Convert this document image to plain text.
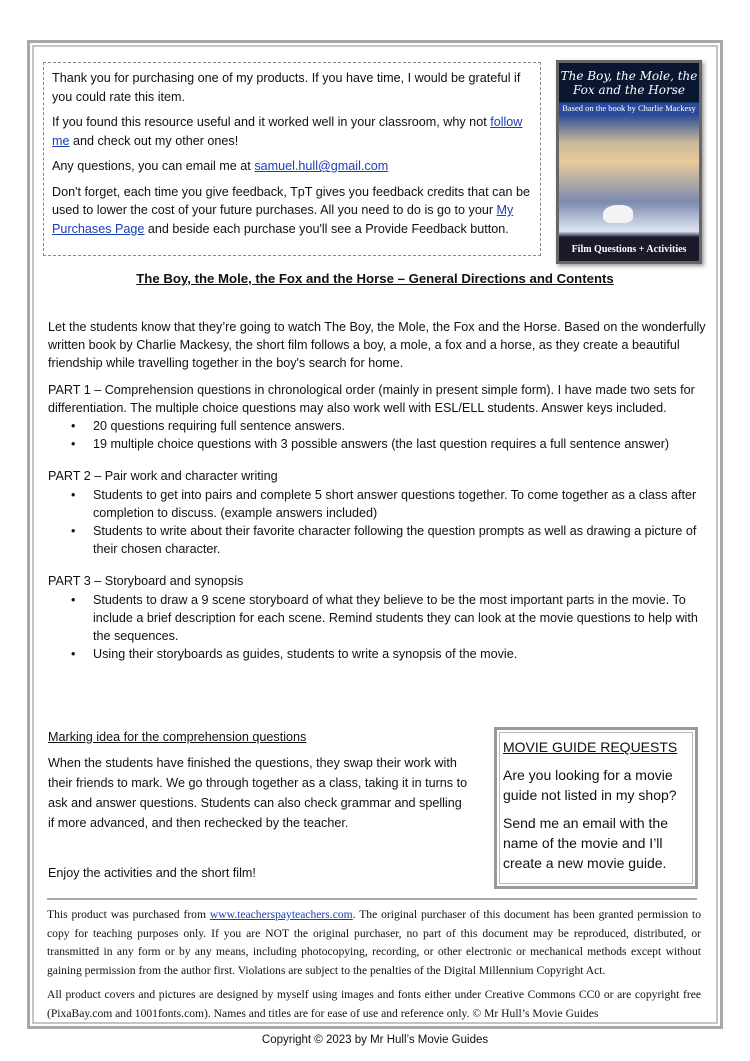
Thank you for purchasing one of my products. If you have time, I would be grateful if you could rate this item.

If you found this resource useful and it worked well in your classroom, why not follow me and check out my other ones!

Any questions, you can email me at samuel.hull@gmail.com

Don't forget, each time you give feedback, TpT gives you feedback credits that can be used to lower the cost of your future purchases. All you need to do is go to your My Purchases Page and beside each purchase you'll see a Provide Feedback button.

The Boy, the Mole, the Fox and the Horse
Based on the book by Charlie Mackesy
Film Questions + Activities
The Boy, the Mole, the Fox and the Horse – General Directions and Contents

Let the students know that they’re going to watch The Boy, the Mole, the Fox and the Horse. Based on the wonderfully written book by Charlie Mackesy, the short film follows a boy, a mole, a fox and a horse, as they create a beautiful friendship while travelling together in the boy's search for home.

PART 1 – Comprehension questions in chronological order (mainly in present simple form). I have made two sets for differentiation. The multiple choice questions may also work well with ESL/ELL students. Answer keys included.

• 20 questions requiring full sentence answers.
• 19 multiple choice questions with 3 possible answers (the last question requires a full sentence answer)

PART 2 – Pair work and character writing

• Students to get into pairs and complete 5 short answer questions together. To come together as a class after completion to discuss. (example answers included)
• Students to write about their favorite character following the question prompts as well as drawing a picture of their chosen character.

PART 3 – Storyboard and synopsis

• Students to draw a 9 scene storyboard of what they believe to be the most important parts in the movie. To include a brief description for each scene. Remind students they can look at the movie questions to help with the sequences.
• Using their storyboards as guides, students to write a synopsis of the movie.
Marking idea for the comprehension questions
When the students have finished the questions, they swap their work with their friends to mark. We go through together as a class, taking it in turns to ask and answer questions. Students can also check grammar and spelling if more advanced, and then rechecked by the teacher.
Enjoy the activities and the short film!
MOVIE GUIDE REQUESTS

Are you looking for a movie guide not listed in my shop?

Send me an email with the name of the movie and I’ll create a new movie guide.

This product was purchased from www.teacherspayteachers.com. The original purchaser of this document has been granted permission to copy for teaching purposes only. If you are NOT the original purchaser, no part of this document may be reproduced, distributed, or transmitted in any form or by any means, including photocopying, recording, or other electronic or mechanical methods except without gaining permission from the author first. Violations are subject to the penalties of the Digital Millennium Copyright Act.

All product covers and pictures are designed by myself using images and fonts either under Creative Commons CC0 or are copyright free (PixaBay.com and 1001fonts.com). Names and titles are for ease of use and reference only. © Mr Hull’s Movie Guides

Copyright © 2023 by Mr Hull’s Movie Guides
